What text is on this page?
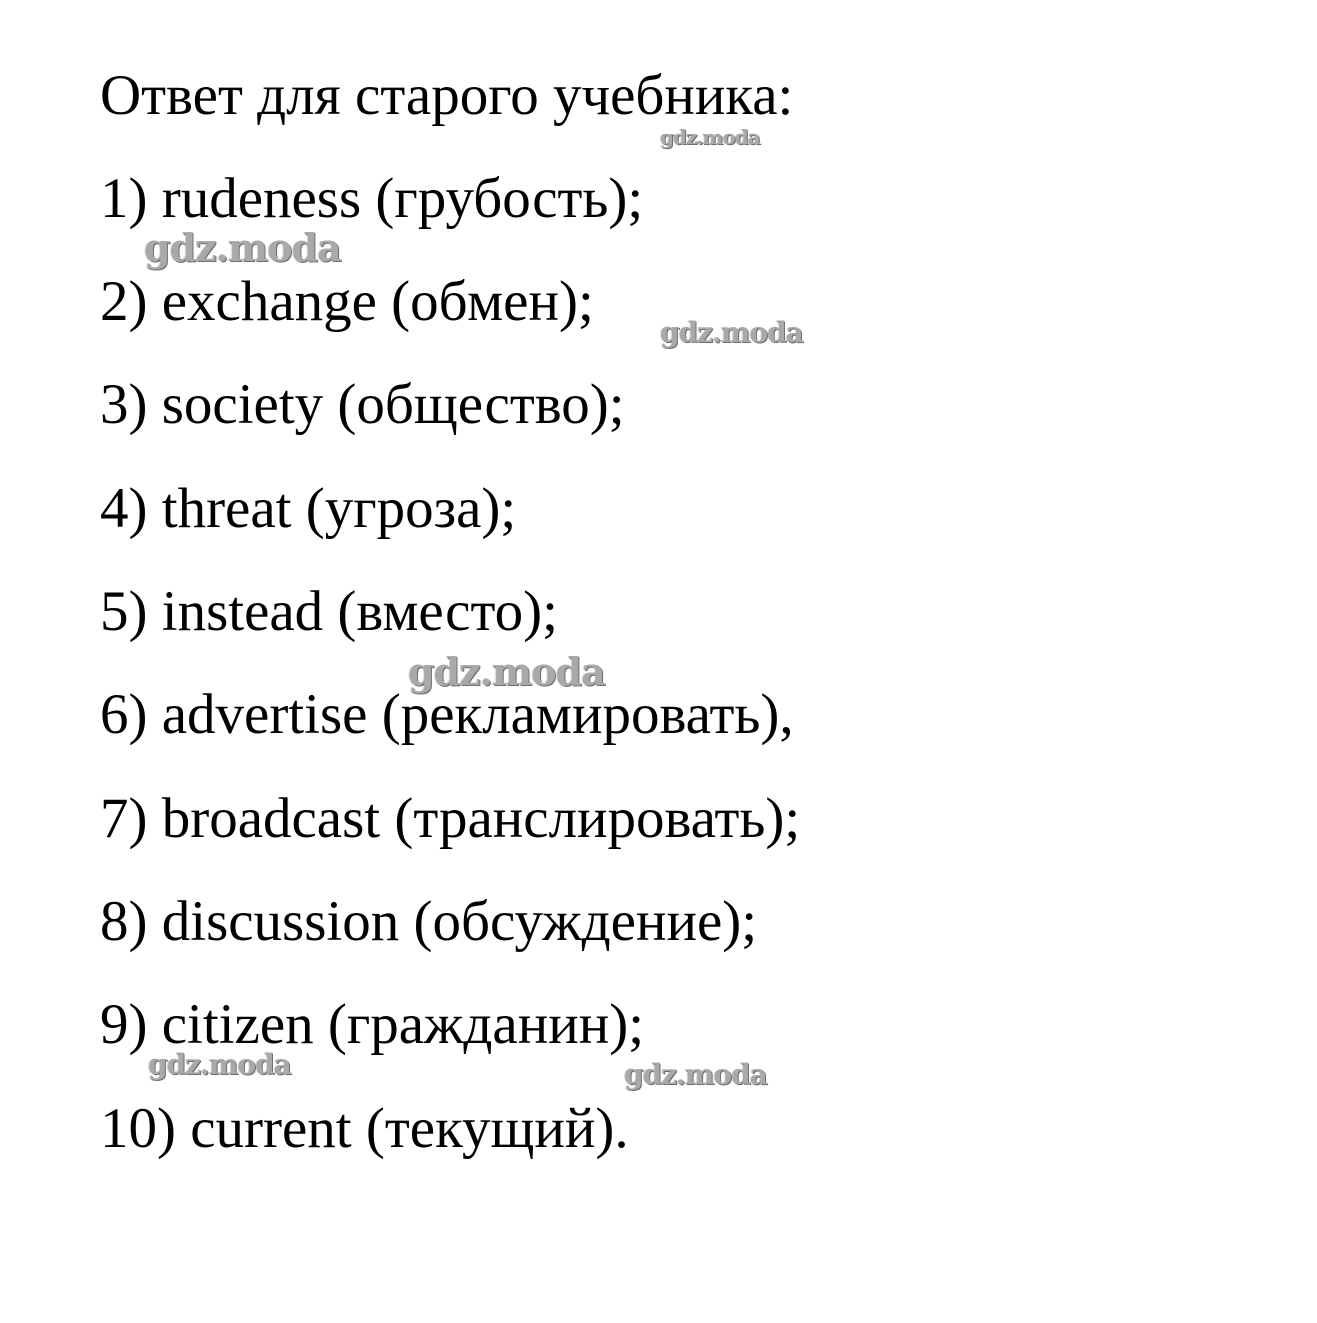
Ответ для старого учебника:
1) rudeness (грубость);
2) exchange (обмен);
3) society (общество);
4) threat (угроза);
5) instead (вместо);
6) advertise (рекламировать),
7) broadcast (транслировать);
8) discussion (обсуждение);
9) citizen (гражданин);
10) current (текущий).
gdz.moda
gdz.moda
gdz.moda
gdz.moda
gdz.moda	gdz.moda
